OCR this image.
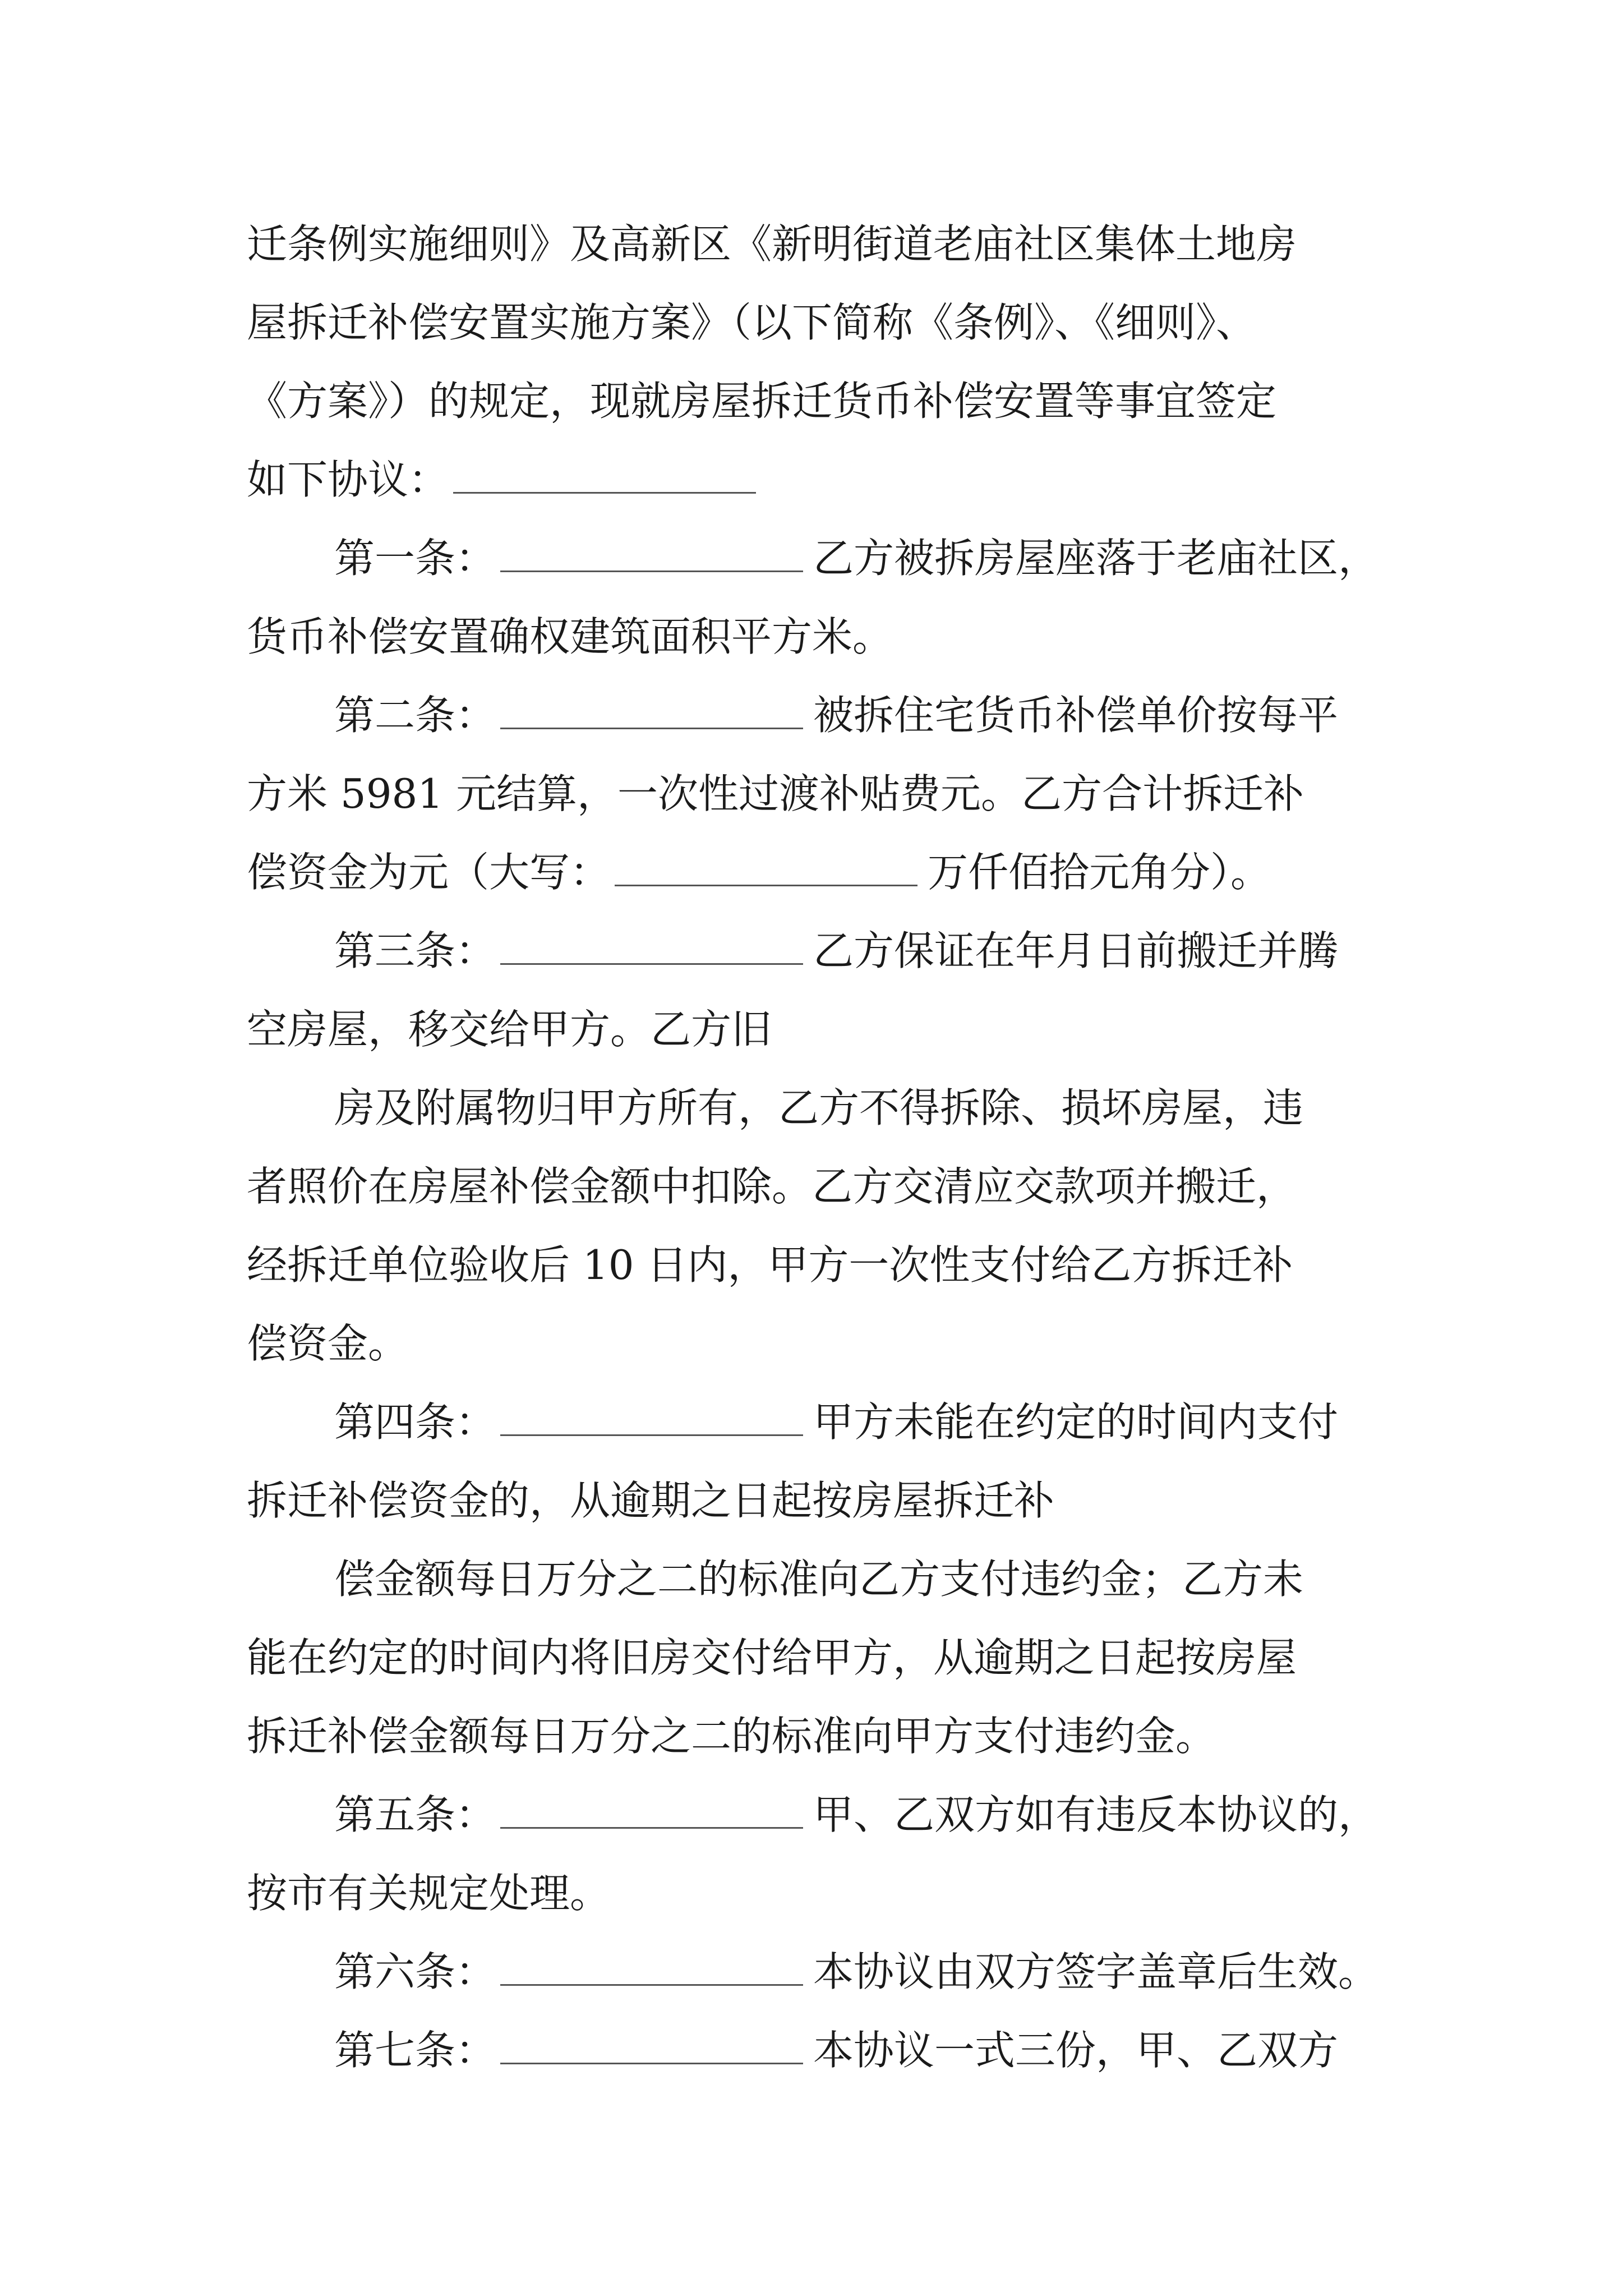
迁条例实施细则》及高新区《新明街道老庙社区集体土地房
屋拆迁补偿安置实施方案》（以下简称《条例》、《细则》、
《方案》）的规定，现就房屋拆迁货币补偿安置等事宜签定
如下协议：
第一条：	乙方被拆房屋座落于老庙社区，
货币补偿安置确权建筑面积平方米。
第二条：	被拆住宅货币补偿单价按每平
方米 5981 元结算，一次性过渡补贴费元。乙方合计拆迁补
偿资金为元（大写：	万仟佰拾元角分）。
第三条：	乙方保证在年月日前搬迁并腾
空房屋，移交给甲方。乙方旧
房及附属物归甲方所有，乙方不得拆除、损坏房屋，违
者照价在房屋补偿金额中扣除。乙方交清应交款项并搬迁，
经拆迁单位验收后 10 日内，甲方一次性支付给乙方拆迁补
偿资金。
第四条：	甲方未能在约定的时间内支付
拆迁补偿资金的，从逾期之日起按房屋拆迁补
偿金额每日万分之二的标准向乙方支付违约金；乙方未
能在约定的时间内将旧房交付给甲方，从逾期之日起按房屋
拆迁补偿金额每日万分之二的标准向甲方支付违约金。
第五条：	甲、乙双方如有违反本协议的，
按市有关规定处理。
第六条：	本协议由双方签字盖章后生效。
第七条：	本协议一式三份，甲、乙双方
